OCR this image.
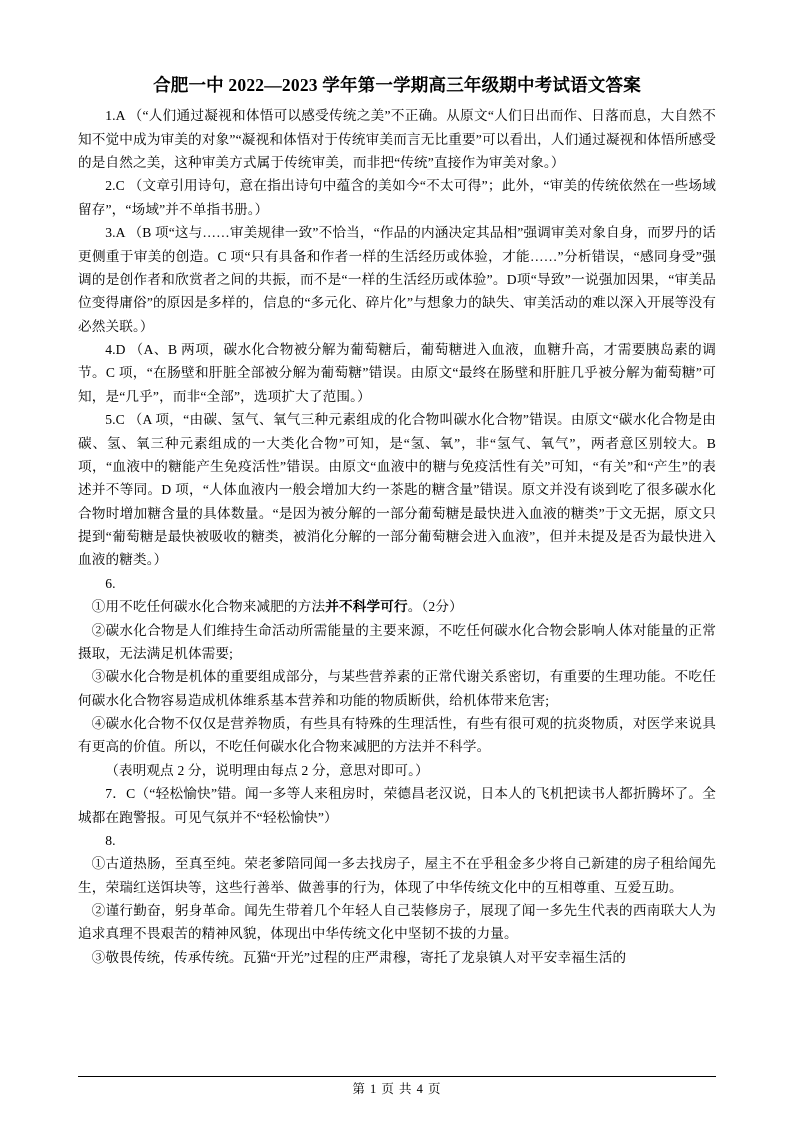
合肥一中 2022—2023 学年第一学期高三年级期中考试语文答案

1.A （“人们通过凝视和体悟可以感受传统之美”不正确。从原文“人们日出而作、日落而息，大自然不知不觉中成为审美的对象”“凝视和体悟对于传统审美而言无比重要”可以看出，人们通过凝视和体悟所感受的是自然之美，这种审美方式属于传统审美，而非把“传统”直接作为审美对象。）

2.C （文章引用诗句，意在指出诗句中蕴含的美如今“不太可得”；此外，“审美的传统依然在一些场域留存”，“场域”并不单指书册。）

3.A （B 项“这与……审美规律一致”不恰当，“作品的内涵决定其品相”强调审美对象自身，而罗丹的话更侧重于审美的创造。C 项“只有具备和作者一样的生活经历或体验，才能……”分析错误，“感同身受”强调的是创作者和欣赏者之间的共振，而不是“一样的生活经历或体验”。D项“导致”一说强加因果，“审美品位变得庸俗”的原因是多样的，信息的“多元化、碎片化”与想象力的缺失、审美活动的难以深入开展等没有必然关联。）

4.D （A、B 两项，碳水化合物被分解为葡萄糖后，葡萄糖进入血液，血糖升高，才需要胰岛素的调节。C 项，“在肠壁和肝脏全部被分解为葡萄糖”错误。由原文“最终在肠壁和肝脏几乎被分解为葡萄糖”可知，是“几乎”，而非“全部”，选项扩大了范围。）

5.C （A 项，“由碳、氢气、氧气三种元素组成的化合物叫碳水化合物”错误。由原文“碳水化合物是由碳、氢、氧三种元素组成的一大类化合物”可知，是“氢、氧”，非“氢气、氧气”，两者意区别较大。B 项，“血液中的糖能产生免疫活性”错误。由原文“血液中的糖与免疫活性有关”可知，“有关”和“产生”的表述并不等同。D 项，“人体血液内一般会增加大约一茶匙的糖含量”错误。原文并没有谈到吃了很多碳水化合物时增加糖含量的具体数量。“是因为被分解的一部分葡萄糖是最快进入血液的糖类”于文无据，原文只提到“葡萄糖是最快被吸收的糖类，被消化分解的一部分葡萄糖会进入血液”，但并未提及是否为最快进入血液的糖类。）

6.

①用不吃任何碳水化合物来减肥的方法并不科学可行。（2分）

②碳水化合物是人们维持生命活动所需能量的主要来源，不吃任何碳水化合物会影响人体对能量的正常摄取，无法满足机体需要;

③碳水化合物是机体的重要组成部分，与某些营养素的正常代谢关系密切，有重要的生理功能。不吃任何碳水化合物容易造成机体维系基本营养和功能的物质断供，给机体带来危害;

④碳水化合物不仅仅是营养物质，有些具有特殊的生理活性，有些有很可观的抗炎物质，对医学来说具有更高的价值。所以，不吃任何碳水化合物来减肥的方法并不科学。

（表明观点 2 分，说明理由每点 2 分，意思对即可。）

7．C（“轻松愉快”错。闻一多等人来租房时，荣德昌老汉说，日本人的飞机把读书人都折腾坏了。全城都在跑警报。可见气氛并不“轻松愉快”）

8.

①古道热肠，至真至纯。荣老爹陪同闻一多去找房子，屋主不在乎租金多少将自己新建的房子租给闻先生，荣瑞红送饵块等，这些行善举、做善事的行为，体现了中华传统文化中的互相尊重、互爱互助。

②谨行勤奋，躬身革命。闻先生带着几个年轻人自己装修房子，展现了闻一多先生代表的西南联大人为追求真理不畏艰苦的精神风貌，体现出中华传统文化中坚韧不拔的力量。

③敬畏传统，传承传统。瓦猫“开光”过程的庄严肃穆，寄托了龙泉镇人对平安幸福生活的

第 1 页 共 4 页
